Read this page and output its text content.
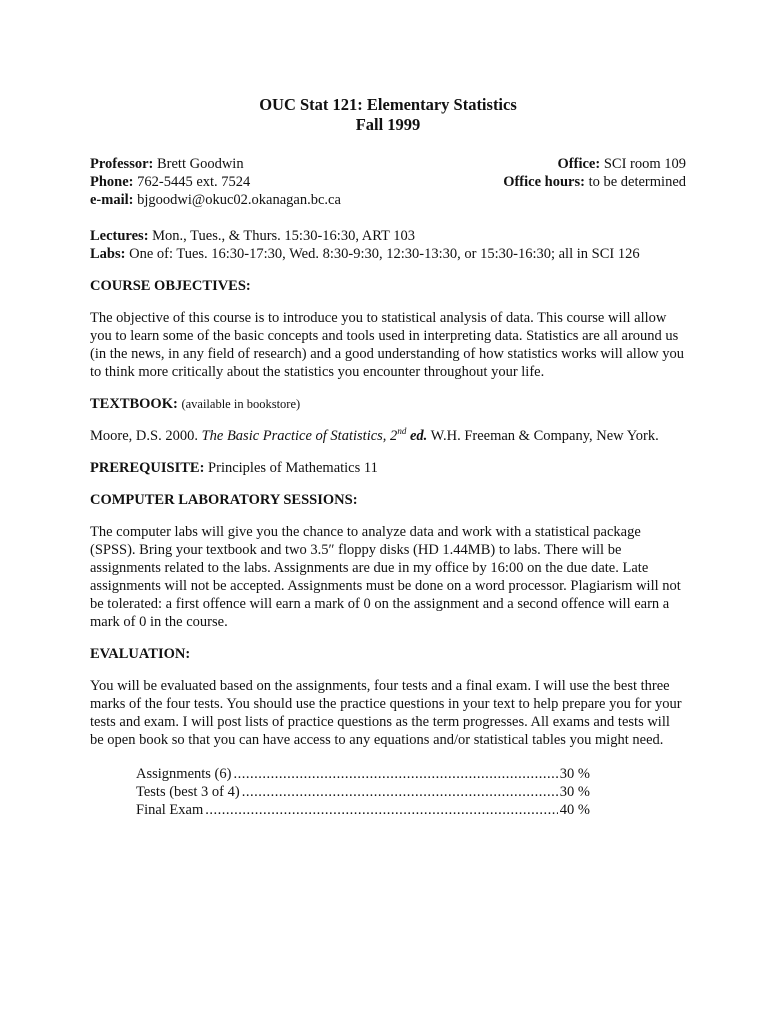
OUC Stat 121: Elementary Statistics
Fall 1999
Professor: Brett Goodwin
Phone: 762-5445 ext. 7524
e-mail: bjgoodwi@okuc02.okanagan.bc.ca
Office: SCI room 109
Office hours: to be determined
Lectures: Mon., Tues., & Thurs. 15:30-16:30, ART 103
Labs: One of: Tues. 16:30-17:30, Wed. 8:30-9:30, 12:30-13:30, or 15:30-16:30; all in SCI 126
COURSE OBJECTIVES:
The objective of this course is to introduce you to statistical analysis of data. This course will allow you to learn some of the basic concepts and tools used in interpreting data. Statistics are all around us (in the news, in any field of research) and a good understanding of how statistics works will allow you to think more critically about the statistics you encounter throughout your life.
TEXTBOOK: (available in bookstore)
Moore, D.S. 2000. The Basic Practice of Statistics, 2nd ed. W.H. Freeman & Company, New York.
PREREQUISITE: Principles of Mathematics 11
COMPUTER LABORATORY SESSIONS:
The computer labs will give you the chance to analyze data and work with a statistical package (SPSS). Bring your textbook and two 3.5″ floppy disks (HD 1.44MB) to labs. There will be assignments related to the labs. Assignments are due in my office by 16:00 on the due date. Late assignments will not be accepted. Assignments must be done on a word processor. Plagiarism will not be tolerated: a first offence will earn a mark of 0 on the assignment and a second offence will earn a mark of 0 in the course.
EVALUATION:
You will be evaluated based on the assignments, four tests and a final exam. I will use the best three marks of the four tests. You should use the practice questions in your text to help prepare you for your tests and exam. I will post lists of practice questions as the term progresses. All exams and tests will be open book so that you can have access to any equations and/or statistical tables you might need.
Assignments (6) .....	30 %
Tests (best 3 of 4) .....	30 %
Final Exam .....	40 %
